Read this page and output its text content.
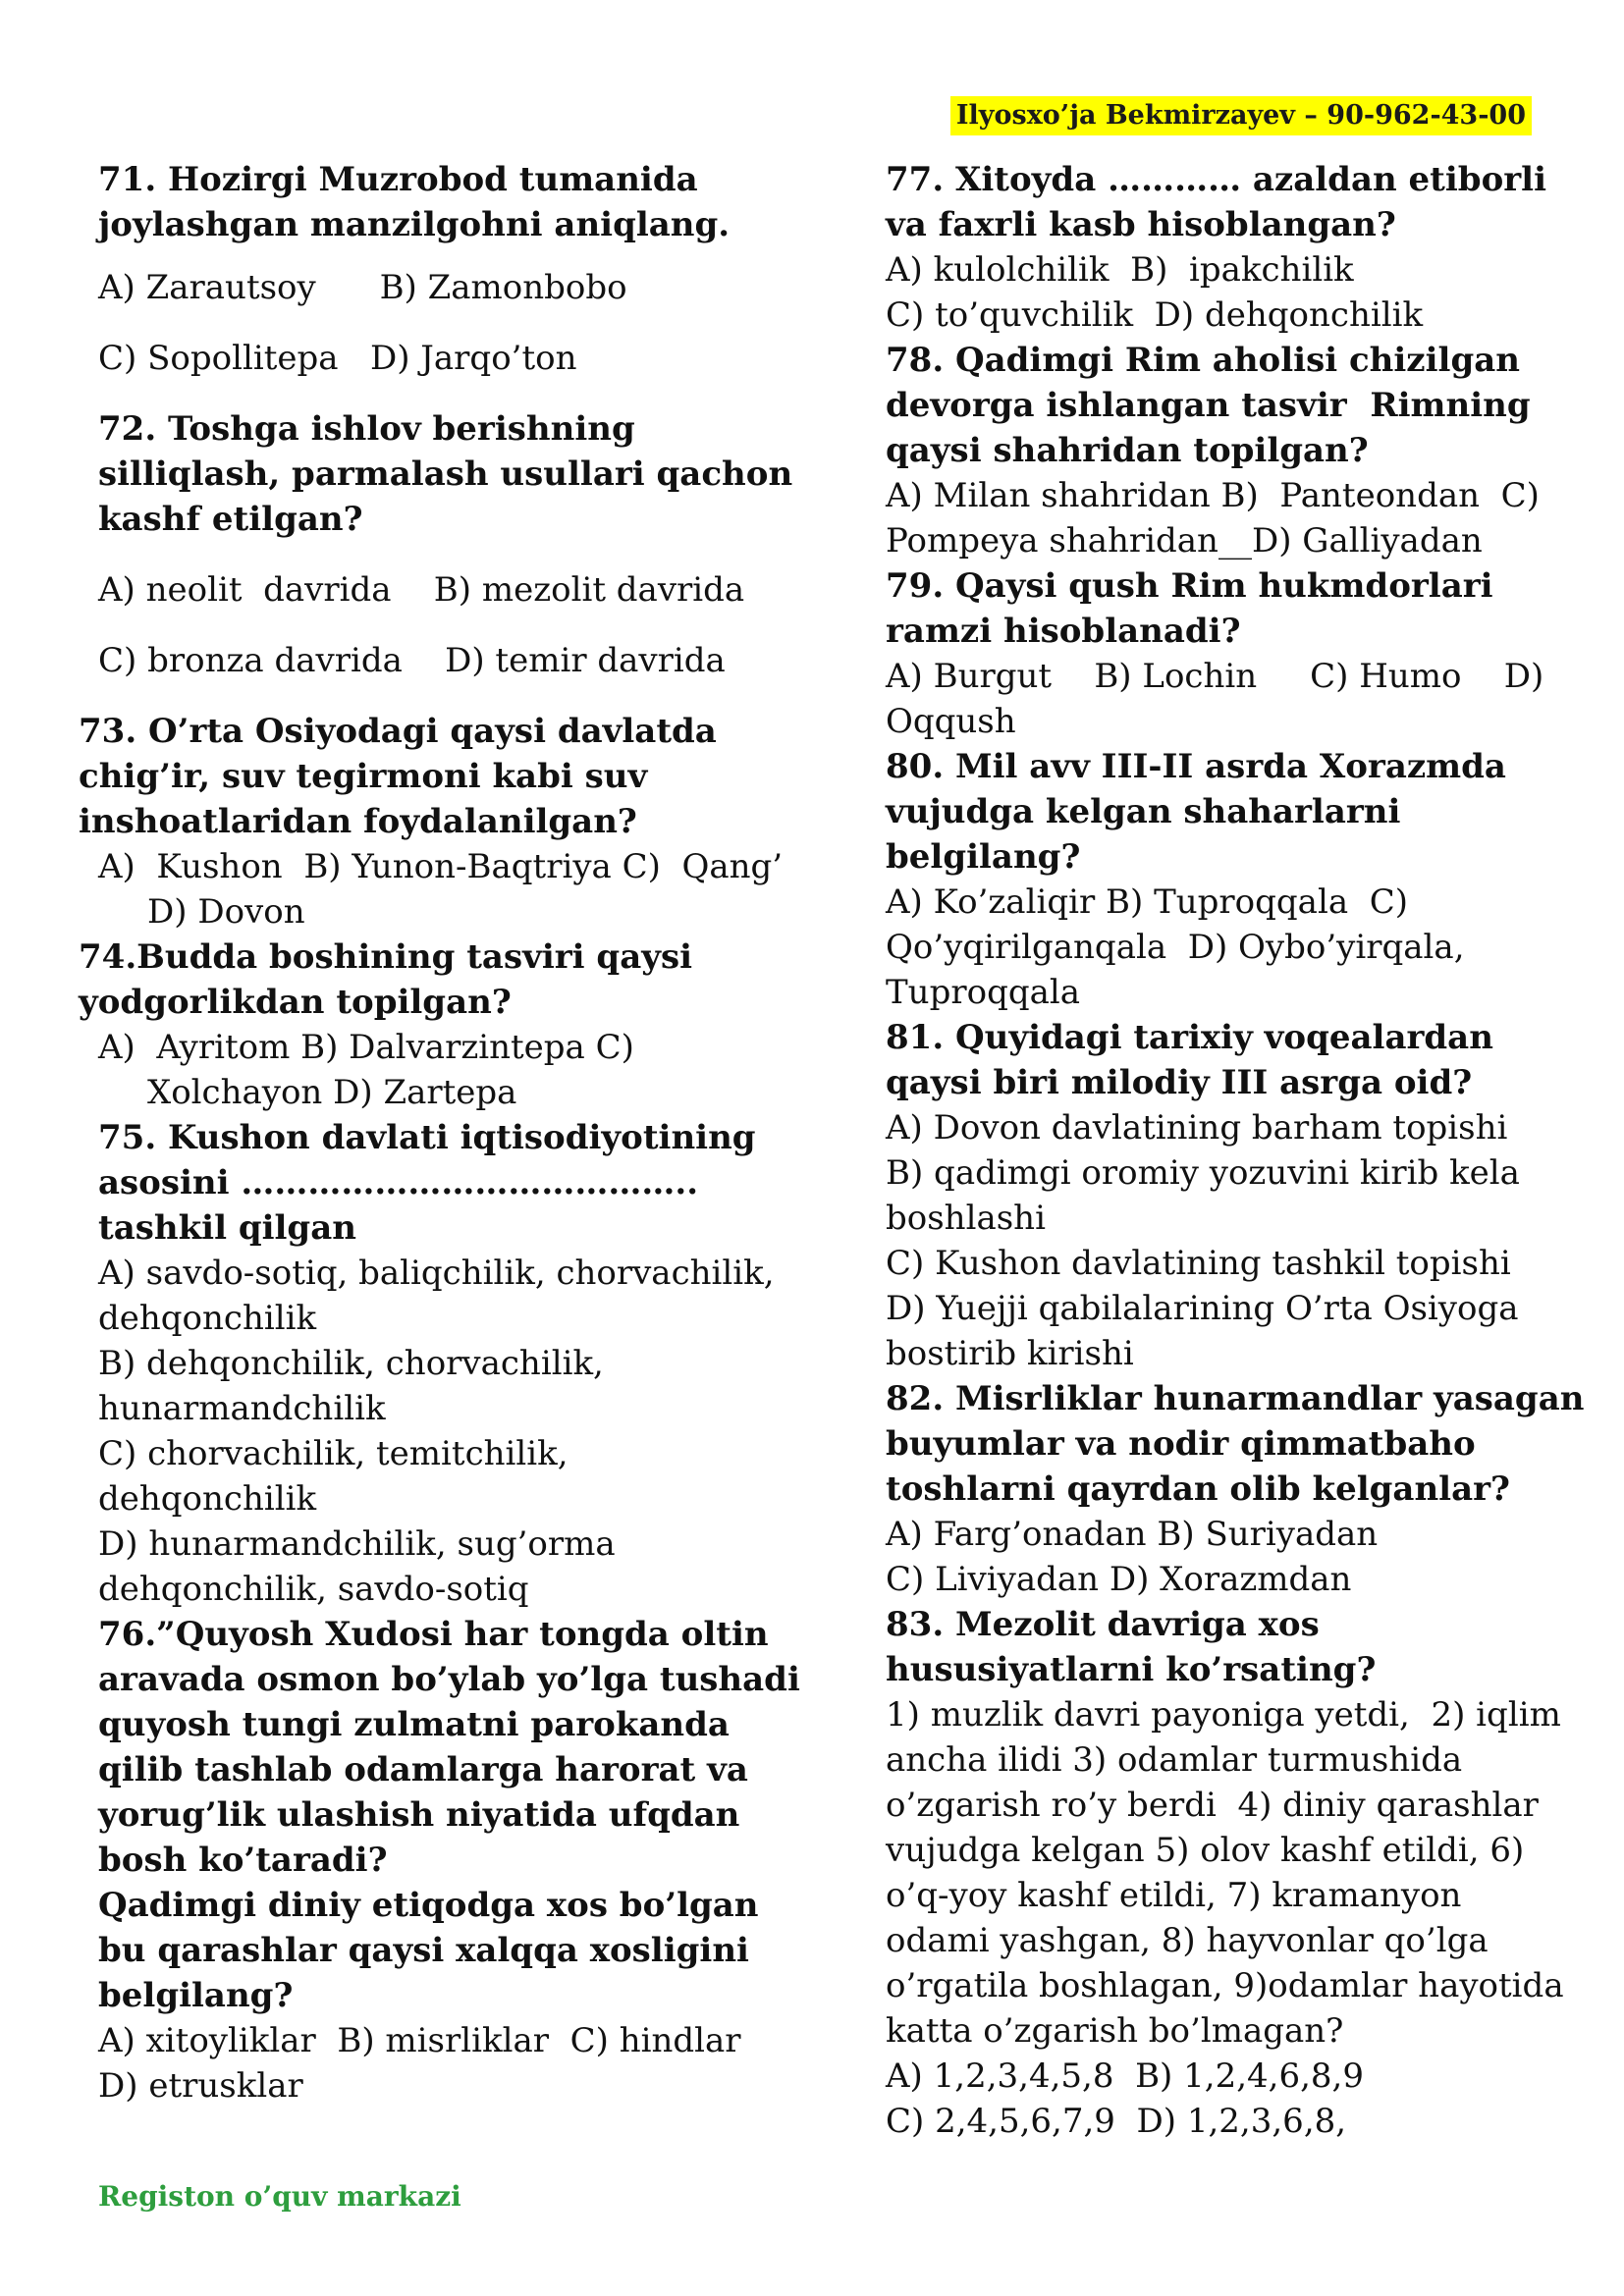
Ilyosxo’ja Bekmirzayev – 90-962-43-00
71. Hozirgi Muzrobod tumanida
joylashgan manzilgohni aniqlang.
A) Zarautsoy      B) Zamonbobo
C) Sopollitepa   D) Jarqo’ton
72. Toshga ishlov berishning
silliqlash, parmalash usullari qachon
kashf etilgan?
A) neolit  davrida    B) mezolit davrida
C) bronza davrida    D) temir davrida
73. O’rta Osiyodagi qaysi davlatda
chig’ir, suv tegirmoni kabi suv
inshoatlaridan foydalanilgan?
A)  Kushon  B) Yunon-Baqtriya C)  Qang’
D) Dovon
74.Budda boshining tasviri qaysi
yodgorlikdan topilgan?
A)  Ayritom B) Dalvarzintepa C)
Xolchayon D) Zartepa
75. Kushon davlati iqtisodiyotining
asosini …………………………………..
tashkil qilgan
A) savdo-sotiq, baliqchilik, chorvachilik,
dehqonchilik
B) dehqonchilik, chorvachilik,
hunarmandchilik
C) chorvachilik, temitchilik,
dehqonchilik
D) hunarmandchilik, sug’orma
dehqonchilik, savdo-sotiq
76.”Quyosh Xudosi har tongda oltin
aravada osmon bo’ylab yo’lga tushadi
quyosh tungi zulmatni parokanda
qilib tashlab odamlarga harorat va
yorug’lik ulashish niyatida ufqdan
bosh ko’taradi?
Qadimgi diniy etiqodga xos bo’lgan
bu qarashlar qaysi xalqqa xosligini
belgilang?
A) xitoyliklar  B) misrliklar  C) hindlar
D) etrusklar
77. Xitoyda ………… azaldan etiborli
va faxrli kasb hisoblangan?
A) kulolchilik  B)  ipakchilik
C) to’quvchilik  D) dehqonchilik
78. Qadimgi Rim aholisi chizilgan
devorga ishlangan tasvir  Rimning
qaysi shahridan topilgan?
A) Milan shahridan B)  Panteondan  C)
Pompeya shahridan__D) Galliyadan
79. Qaysi qush Rim hukmdorlari
ramzi hisoblanadi?
A) Burgut    B) Lochin     C) Humo    D)
Oqqush
80. Mil avv III-II asrda Xorazmda
vujudga kelgan shaharlarni
belgilang?
A) Ko’zaliqir B) Tuproqqala  C)
Qo’yqirilganqala  D) Oybo’yirqala,
Tuproqqala
81. Quyidagi tarixiy voqealardan
qaysi biri milodiy III asrga oid?
A) Dovon davlatining barham topishi
B) qadimgi oromiy yozuvini kirib kela
boshlashi
C) Kushon davlatining tashkil topishi
D) Yuejji qabilalarining O’rta Osiyoga
bostirib kirishi
82. Misrliklar hunarmandlar yasagan
buyumlar va nodir qimmatbaho
toshlarni qayrdan olib kelganlar?
A) Farg’onadan B) Suriyadan
C) Liviyadan D) Xorazmdan
83. Mezolit davriga xos
hususiyatlarni ko’rsating?
1) muzlik davri payoniga yetdi,  2) iqlim
ancha ilidi 3) odamlar turmushida
o’zgarish ro’y berdi  4) diniy qarashlar
vujudga kelgan 5) olov kashf etildi, 6)
o’q-yoy kashf etildi, 7) kramanyon
odami yashgan, 8) hayvonlar qo’lga
o’rgatila boshlagan, 9)odamlar hayotida
katta o’zgarish bo’lmagan?
A) 1,2,3,4,5,8  B) 1,2,4,6,8,9
C) 2,4,5,6,7,9  D) 1,2,3,6,8,
Registon o’quv markazi
